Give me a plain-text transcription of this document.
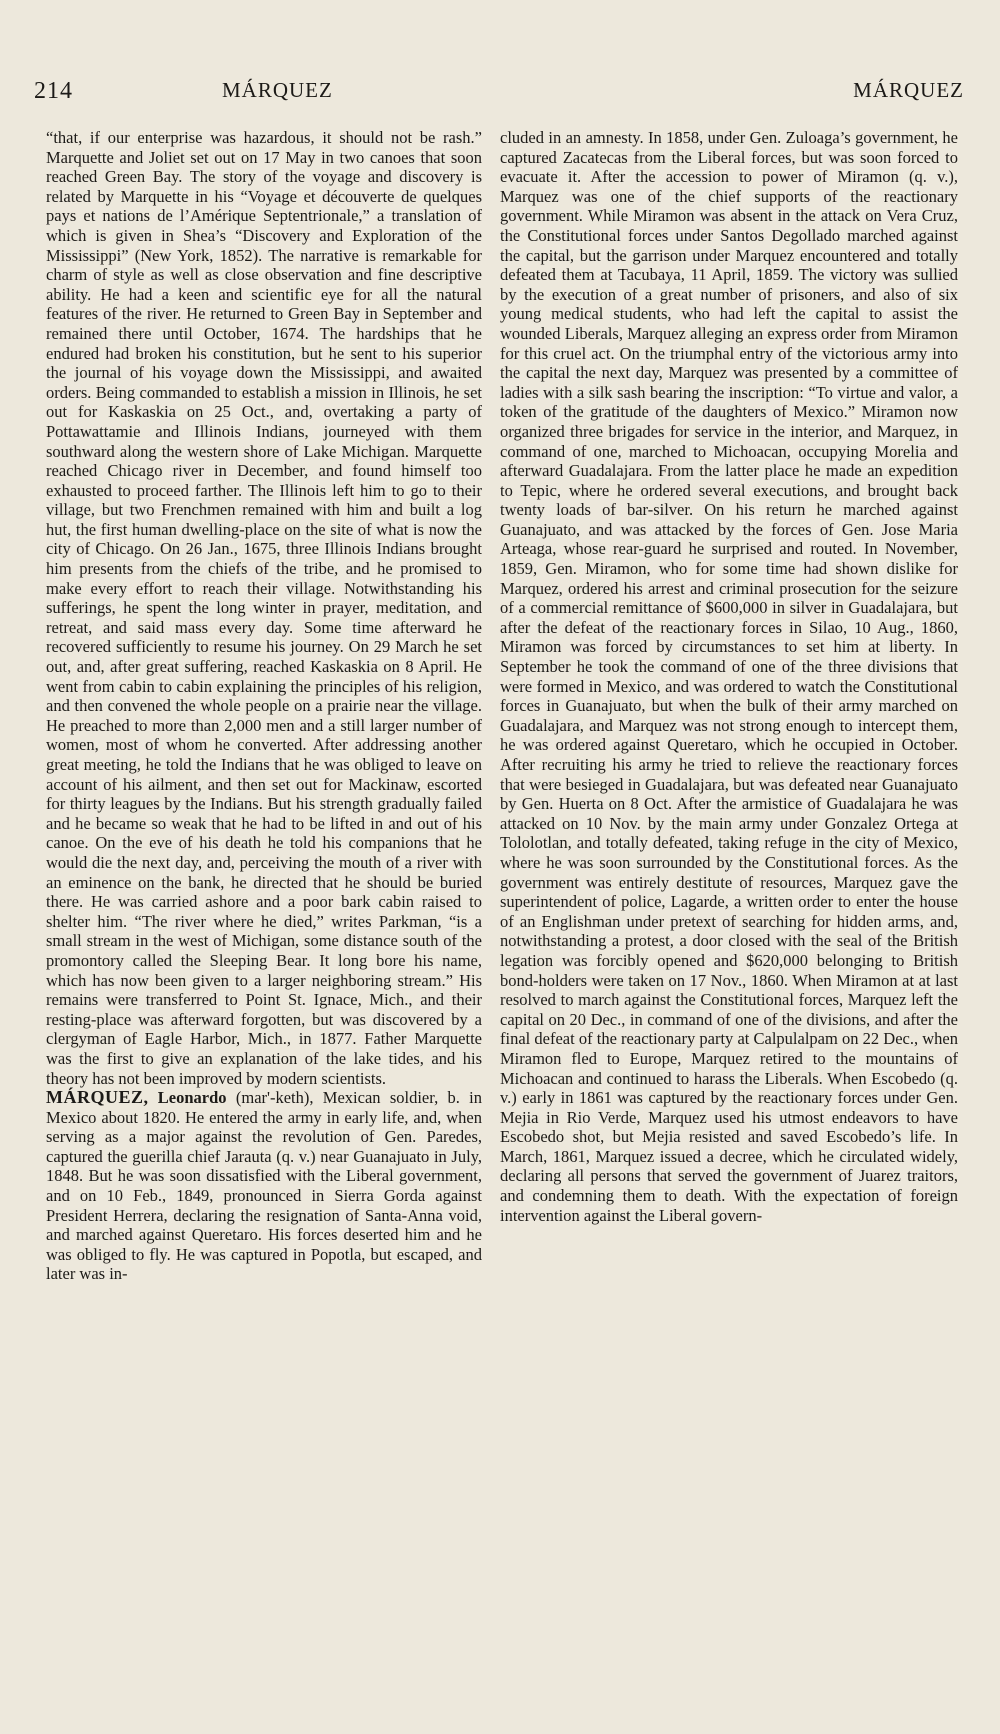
214	MÁRQUEZ	MÁRQUEZ

“that, if our enterprise was hazardous, it should not be rash.” Marquette and Joliet set out on 17 May in two canoes that soon reached Green Bay. The story of the voyage and discovery is related by Marquette in his “Voyage et découverte de quelques pays et nations de l’Amérique Septentrionale,” a translation of which is given in Shea’s “Discovery and Exploration of the Mississippi” (New York, 1852). The narrative is remarkable for charm of style as well as close observation and fine descriptive ability. He had a keen and scientific eye for all the natural features of the river. He returned to Green Bay in September and remained there until October, 1674. The hardships that he endured had broken his constitution, but he sent to his superior the journal of his voyage down the Mississippi, and awaited orders. Being commanded to establish a mission in Illinois, he set out for Kaskaskia on 25 Oct., and, overtaking a party of Pottawattamie and Illinois Indians, journeyed with them southward along the western shore of Lake Michigan. Marquette reached Chicago river in December, and found himself too exhausted to proceed farther. The Illinois left him to go to their village, but two Frenchmen remained with him and built a log hut, the first human dwelling-place on the site of what is now the city of Chicago. On 26 Jan., 1675, three Illinois Indians brought him presents from the chiefs of the tribe, and he promised to make every effort to reach their village. Notwithstanding his sufferings, he spent the long winter in prayer, meditation, and retreat, and said mass every day. Some time afterward he recovered sufficiently to resume his journey. On 29 March he set out, and, after great suffering, reached Kaskaskia on 8 April. He went from cabin to cabin explaining the principles of his religion, and then convened the whole people on a prairie near the village. He preached to more than 2,000 men and a still larger number of women, most of whom he converted. After addressing another great meeting, he told the Indians that he was obliged to leave on account of his ailment, and then set out for Mackinaw, escorted for thirty leagues by the Indians. But his strength gradually failed and he became so weak that he had to be lifted in and out of his canoe. On the eve of his death he told his companions that he would die the next day, and, perceiving the mouth of a river with an eminence on the bank, he directed that he should be buried there. He was carried ashore and a poor bark cabin raised to shelter him. “The river where he died,” writes Parkman, “is a small stream in the west of Michigan, some distance south of the promontory called the Sleeping Bear. It long bore his name, which has now been given to a larger neighboring stream.” His remains were transferred to Point St. Ignace, Mich., and their resting-place was afterward forgotten, but was discovered by a clergyman of Eagle Harbor, Mich., in 1877. Father Marquette was the first to give an explanation of the lake tides, and his theory has not been improved by modern scientists.

MÁRQUEZ, Leonardo (mar'-keth), Mexican soldier, b. in Mexico about 1820. He entered the army in early life, and, when serving as a major against the revolution of Gen. Paredes, captured the guerilla chief Jarauta (q. v.) near Guanajuato in July, 1848. But he was soon dissatisfied with the Liberal government, and on 10 Feb., 1849, pronounced in Sierra Gorda against President Herrera, declaring the resignation of Santa-Anna void, and marched against Queretaro. His forces deserted him and he was obliged to fly. He was captured in Popotla, but escaped, and later was in-

cluded in an amnesty. In 1858, under Gen. Zuloaga’s government, he captured Zacatecas from the Liberal forces, but was soon forced to evacuate it. After the accession to power of Miramon (q. v.), Marquez was one of the chief supports of the reactionary government. While Miramon was absent in the attack on Vera Cruz, the Constitutional forces under Santos Degollado marched against the capital, but the garrison under Marquez encountered and totally defeated them at Tacubaya, 11 April, 1859. The victory was sullied by the execution of a great number of prisoners, and also of six young medical students, who had left the capital to assist the wounded Liberals, Marquez alleging an express order from Miramon for this cruel act. On the triumphal entry of the victorious army into the capital the next day, Marquez was presented by a committee of ladies with a silk sash bearing the inscription: “To virtue and valor, a token of the gratitude of the daughters of Mexico.” Miramon now organized three brigades for service in the interior, and Marquez, in command of one, marched to Michoacan, occupying Morelia and afterward Guadalajara. From the latter place he made an expedition to Tepic, where he ordered several executions, and brought back twenty loads of bar-silver. On his return he marched against Guanajuato, and was attacked by the forces of Gen. Jose Maria Arteaga, whose rear-guard he surprised and routed. In November, 1859, Gen. Miramon, who for some time had shown dislike for Marquez, ordered his arrest and criminal prosecution for the seizure of a commercial remittance of $600,000 in silver in Guadalajara, but after the defeat of the reactionary forces in Silao, 10 Aug., 1860, Miramon was forced by circumstances to set him at liberty. In September he took the command of one of the three divisions that were formed in Mexico, and was ordered to watch the Constitutional forces in Guanajuato, but when the bulk of their army marched on Guadalajara, and Marquez was not strong enough to intercept them, he was ordered against Queretaro, which he occupied in October. After recruiting his army he tried to relieve the reactionary forces that were besieged in Guadalajara, but was defeated near Guanajuato by Gen. Huerta on 8 Oct. After the armistice of Guadalajara he was attacked on 10 Nov. by the main army under Gonzalez Ortega at Tololotlan, and totally defeated, taking refuge in the city of Mexico, where he was soon surrounded by the Constitutional forces. As the government was entirely destitute of resources, Marquez gave the superintendent of police, Lagarde, a written order to enter the house of an Englishman under pretext of searching for hidden arms, and, notwithstanding a protest, a door closed with the seal of the British legation was forcibly opened and $620,000 belonging to British bond-holders were taken on 17 Nov., 1860. When Miramon at at last resolved to march against the Constitutional forces, Marquez left the capital on 20 Dec., in command of one of the divisions, and after the final defeat of the reactionary party at Calpulalpam on 22 Dec., when Miramon fled to Europe, Marquez retired to the mountains of Michoacan and continued to harass the Liberals. When Escobedo (q. v.) early in 1861 was captured by the reactionary forces under Gen. Mejia in Rio Verde, Marquez used his utmost endeavors to have Escobedo shot, but Mejia resisted and saved Escobedo’s life. In March, 1861, Marquez issued a decree, which he circulated widely, declaring all persons that served the government of Juarez traitors, and condemning them to death. With the expectation of foreign intervention against the Liberal govern-
